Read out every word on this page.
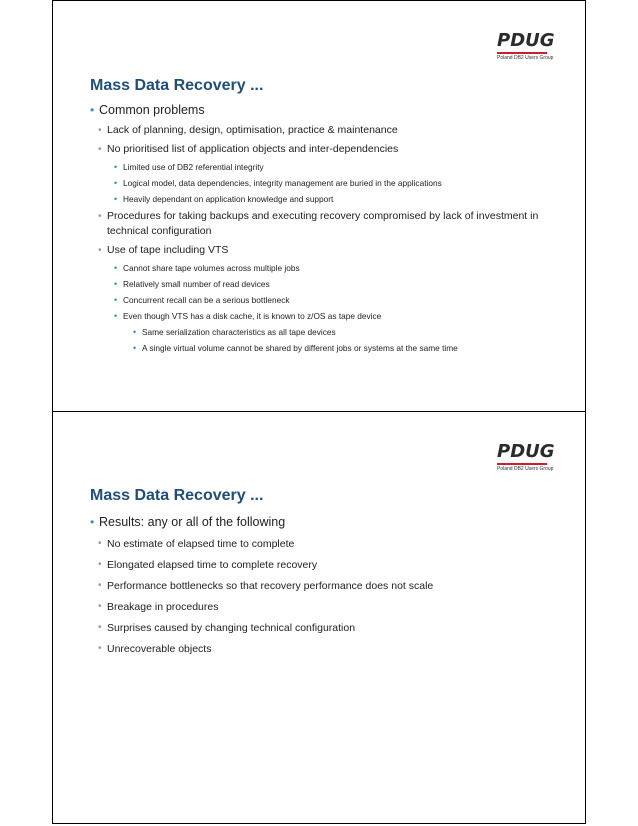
PDUG
Poland DB2 Users Group
Mass Data Recovery ...
• Common problems
• Lack of planning, design, optimisation, practice & maintenance
• No prioritised list of application objects and inter-dependencies
• Limited use of DB2 referential integrity
• Logical model, data dependencies, integrity management are buried in the applications
• Heavily dependant on application knowledge and support
• Procedures for taking backups and executing recovery compromised by lack of investment in technical configuration
• Use of tape including VTS
• Cannot share tape volumes across multiple jobs
• Relatively small number of read devices
• Concurrent recall can be a serious bottleneck
• Even though VTS has a disk cache, it is known to z/OS as tape device
• Same serialization characteristics as all tape devices
• A single virtual volume cannot be shared by different jobs or systems at the same time
PDUG
Poland DB2 Users Group
Mass Data Recovery ...
• Results: any or all of the following
• No estimate of elapsed time to complete
• Elongated elapsed time to complete recovery
• Performance bottlenecks so that recovery performance does not scale
• Breakage in procedures
• Surprises caused by changing technical configuration
• Unrecoverable objects
